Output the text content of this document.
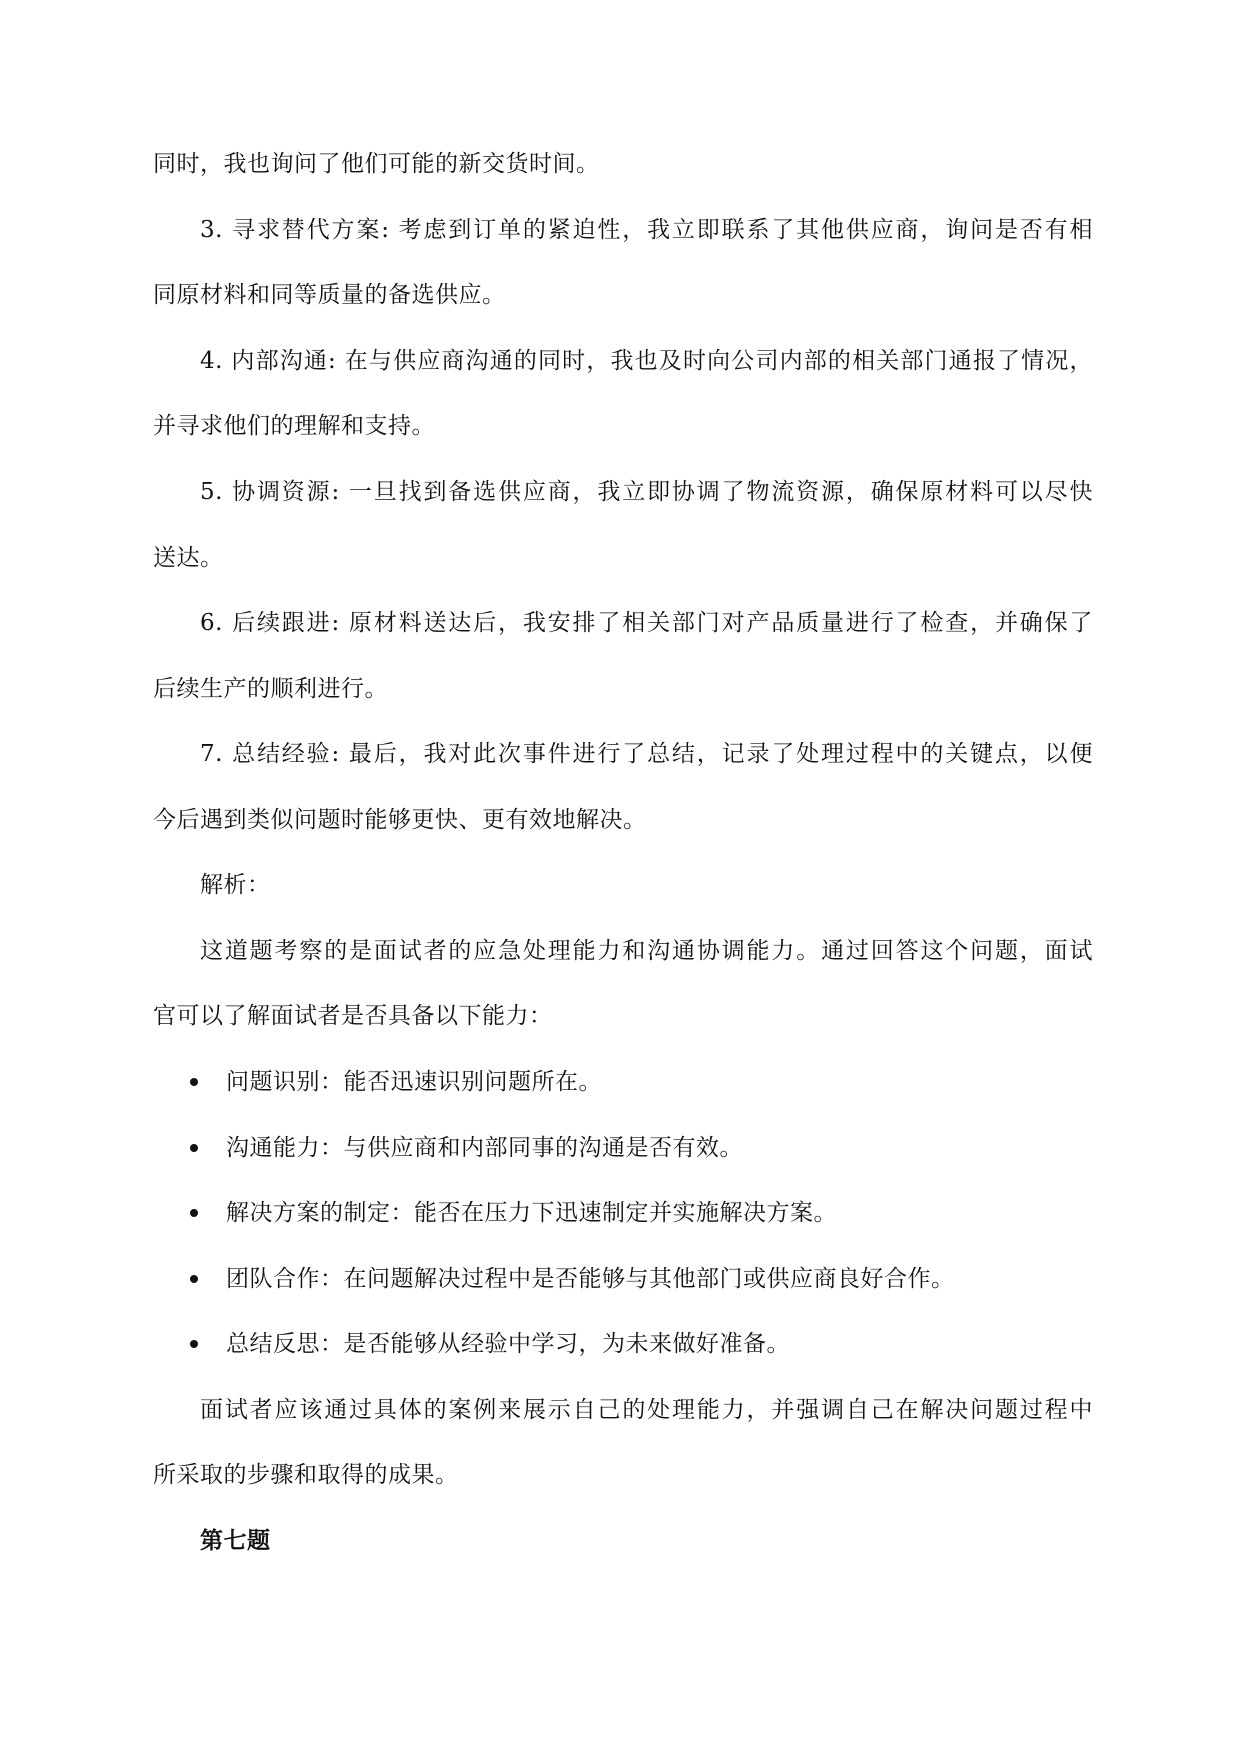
同时，我也询问了他们可能的新交货时间。
3. 寻求替代方案: 考虑到订单的紧迫性，我立即联系了其他供应商，询问是否有相
同原材料和同等质量的备选供应。
4. 内部沟通: 在与供应商沟通的同时，我也及时向公司内部的相关部门通报了情况，
并寻求他们的理解和支持。
5. 协调资源: 一旦找到备选供应商，我立即协调了物流资源，确保原材料可以尽快
送达。
6. 后续跟进: 原材料送达后，我安排了相关部门对产品质量进行了检查，并确保了
后续生产的顺利进行。
7. 总结经验: 最后，我对此次事件进行了总结，记录了处理过程中的关键点，以便
今后遇到类似问题时能够更快、更有效地解决。
解析：
这道题考察的是面试者的应急处理能力和沟通协调能力。通过回答这个问题，面试
官可以了解面试者是否具备以下能力：
问题识别：能否迅速识别问题所在。
沟通能力：与供应商和内部同事的沟通是否有效。
解决方案的制定：能否在压力下迅速制定并实施解决方案。
团队合作：在问题解决过程中是否能够与其他部门或供应商良好合作。
总结反思：是否能够从经验中学习，为未来做好准备。
面试者应该通过具体的案例来展示自己的处理能力，并强调自己在解决问题过程中
所采取的步骤和取得的成果。
第七题
